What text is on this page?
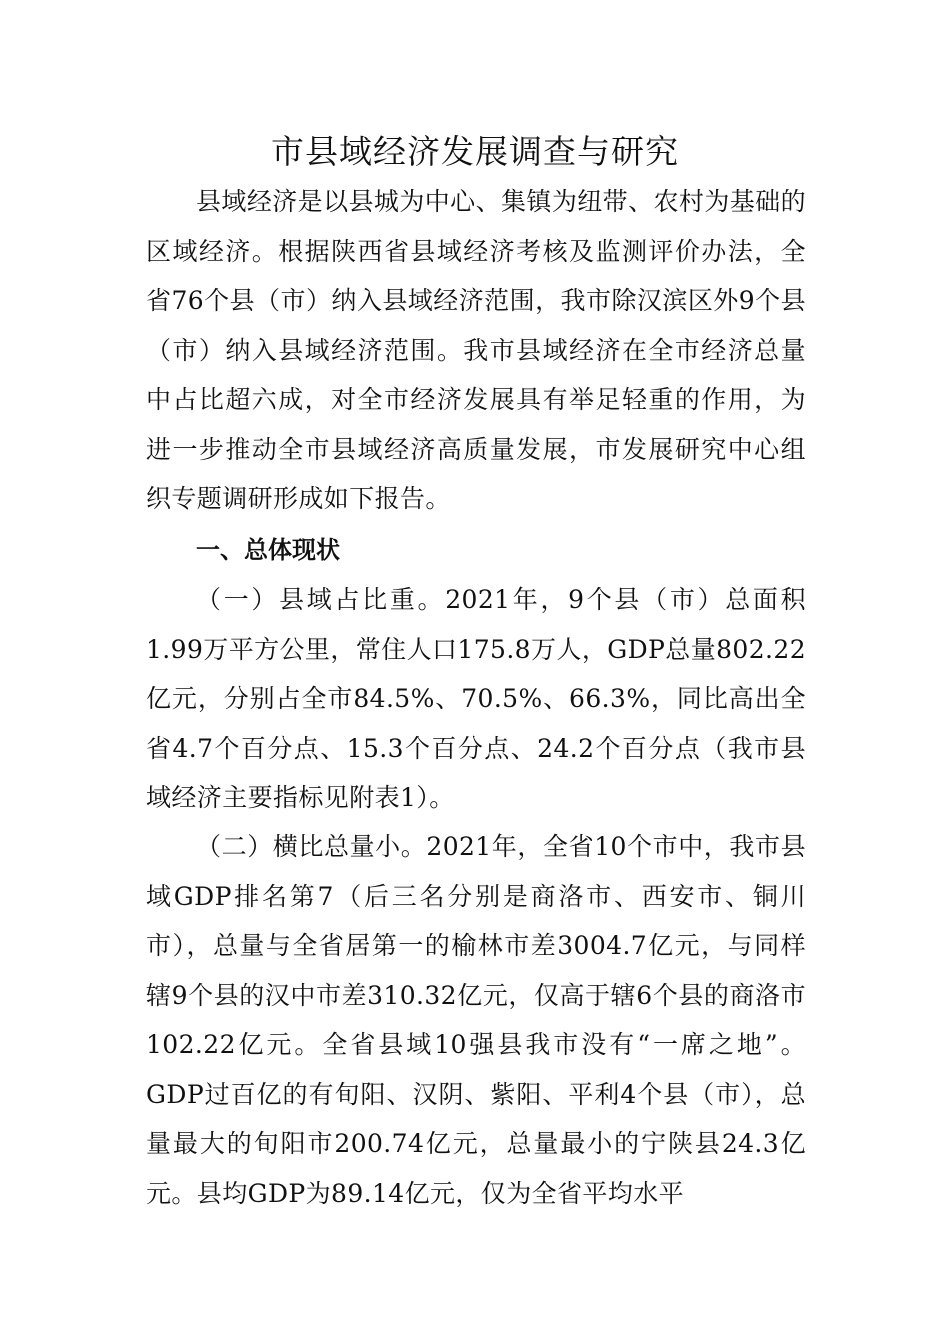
市县域经济发展调查与研究

县域经济是以县城为中心、集镇为纽带、农村为基础的区域经济。根据陕西省县域经济考核及监测评价办法，全省76个县（市）纳入县域经济范围，我市除汉滨区外9个县（市）纳入县域经济范围。我市县域经济在全市经济总量中占比超六成，对全市经济发展具有举足轻重的作用，为进一步推动全市县域经济高质量发展，市发展研究中心组织专题调研形成如下报告。

一、总体现状

（一）县域占比重。2021年，9个县（市）总面积1.99万平方公里，常住人口175.8万人，GDP总量802.22亿元，分别占全市84.5%、70.5%、66.3%，同比高出全省4.7个百分点、15.3个百分点、24.2个百分点（我市县域经济主要指标见附表1）。

（二）横比总量小。2021年，全省10个市中，我市县域GDP排名第7（后三名分别是商洛市、西安市、铜川市），总量与全省居第一的榆林市差3004.7亿元，与同样辖9个县的汉中市差310.32亿元，仅高于辖6个县的商洛市102.22亿元。全省县域10强县我市没有“一席之地”。GDP过百亿的有旬阳、汉阴、紫阳、平利4个县（市），总量最大的旬阳市200.74亿元，总量最小的宁陕县24.3亿元。县均GDP为89.14亿元，仅为全省平均水平
